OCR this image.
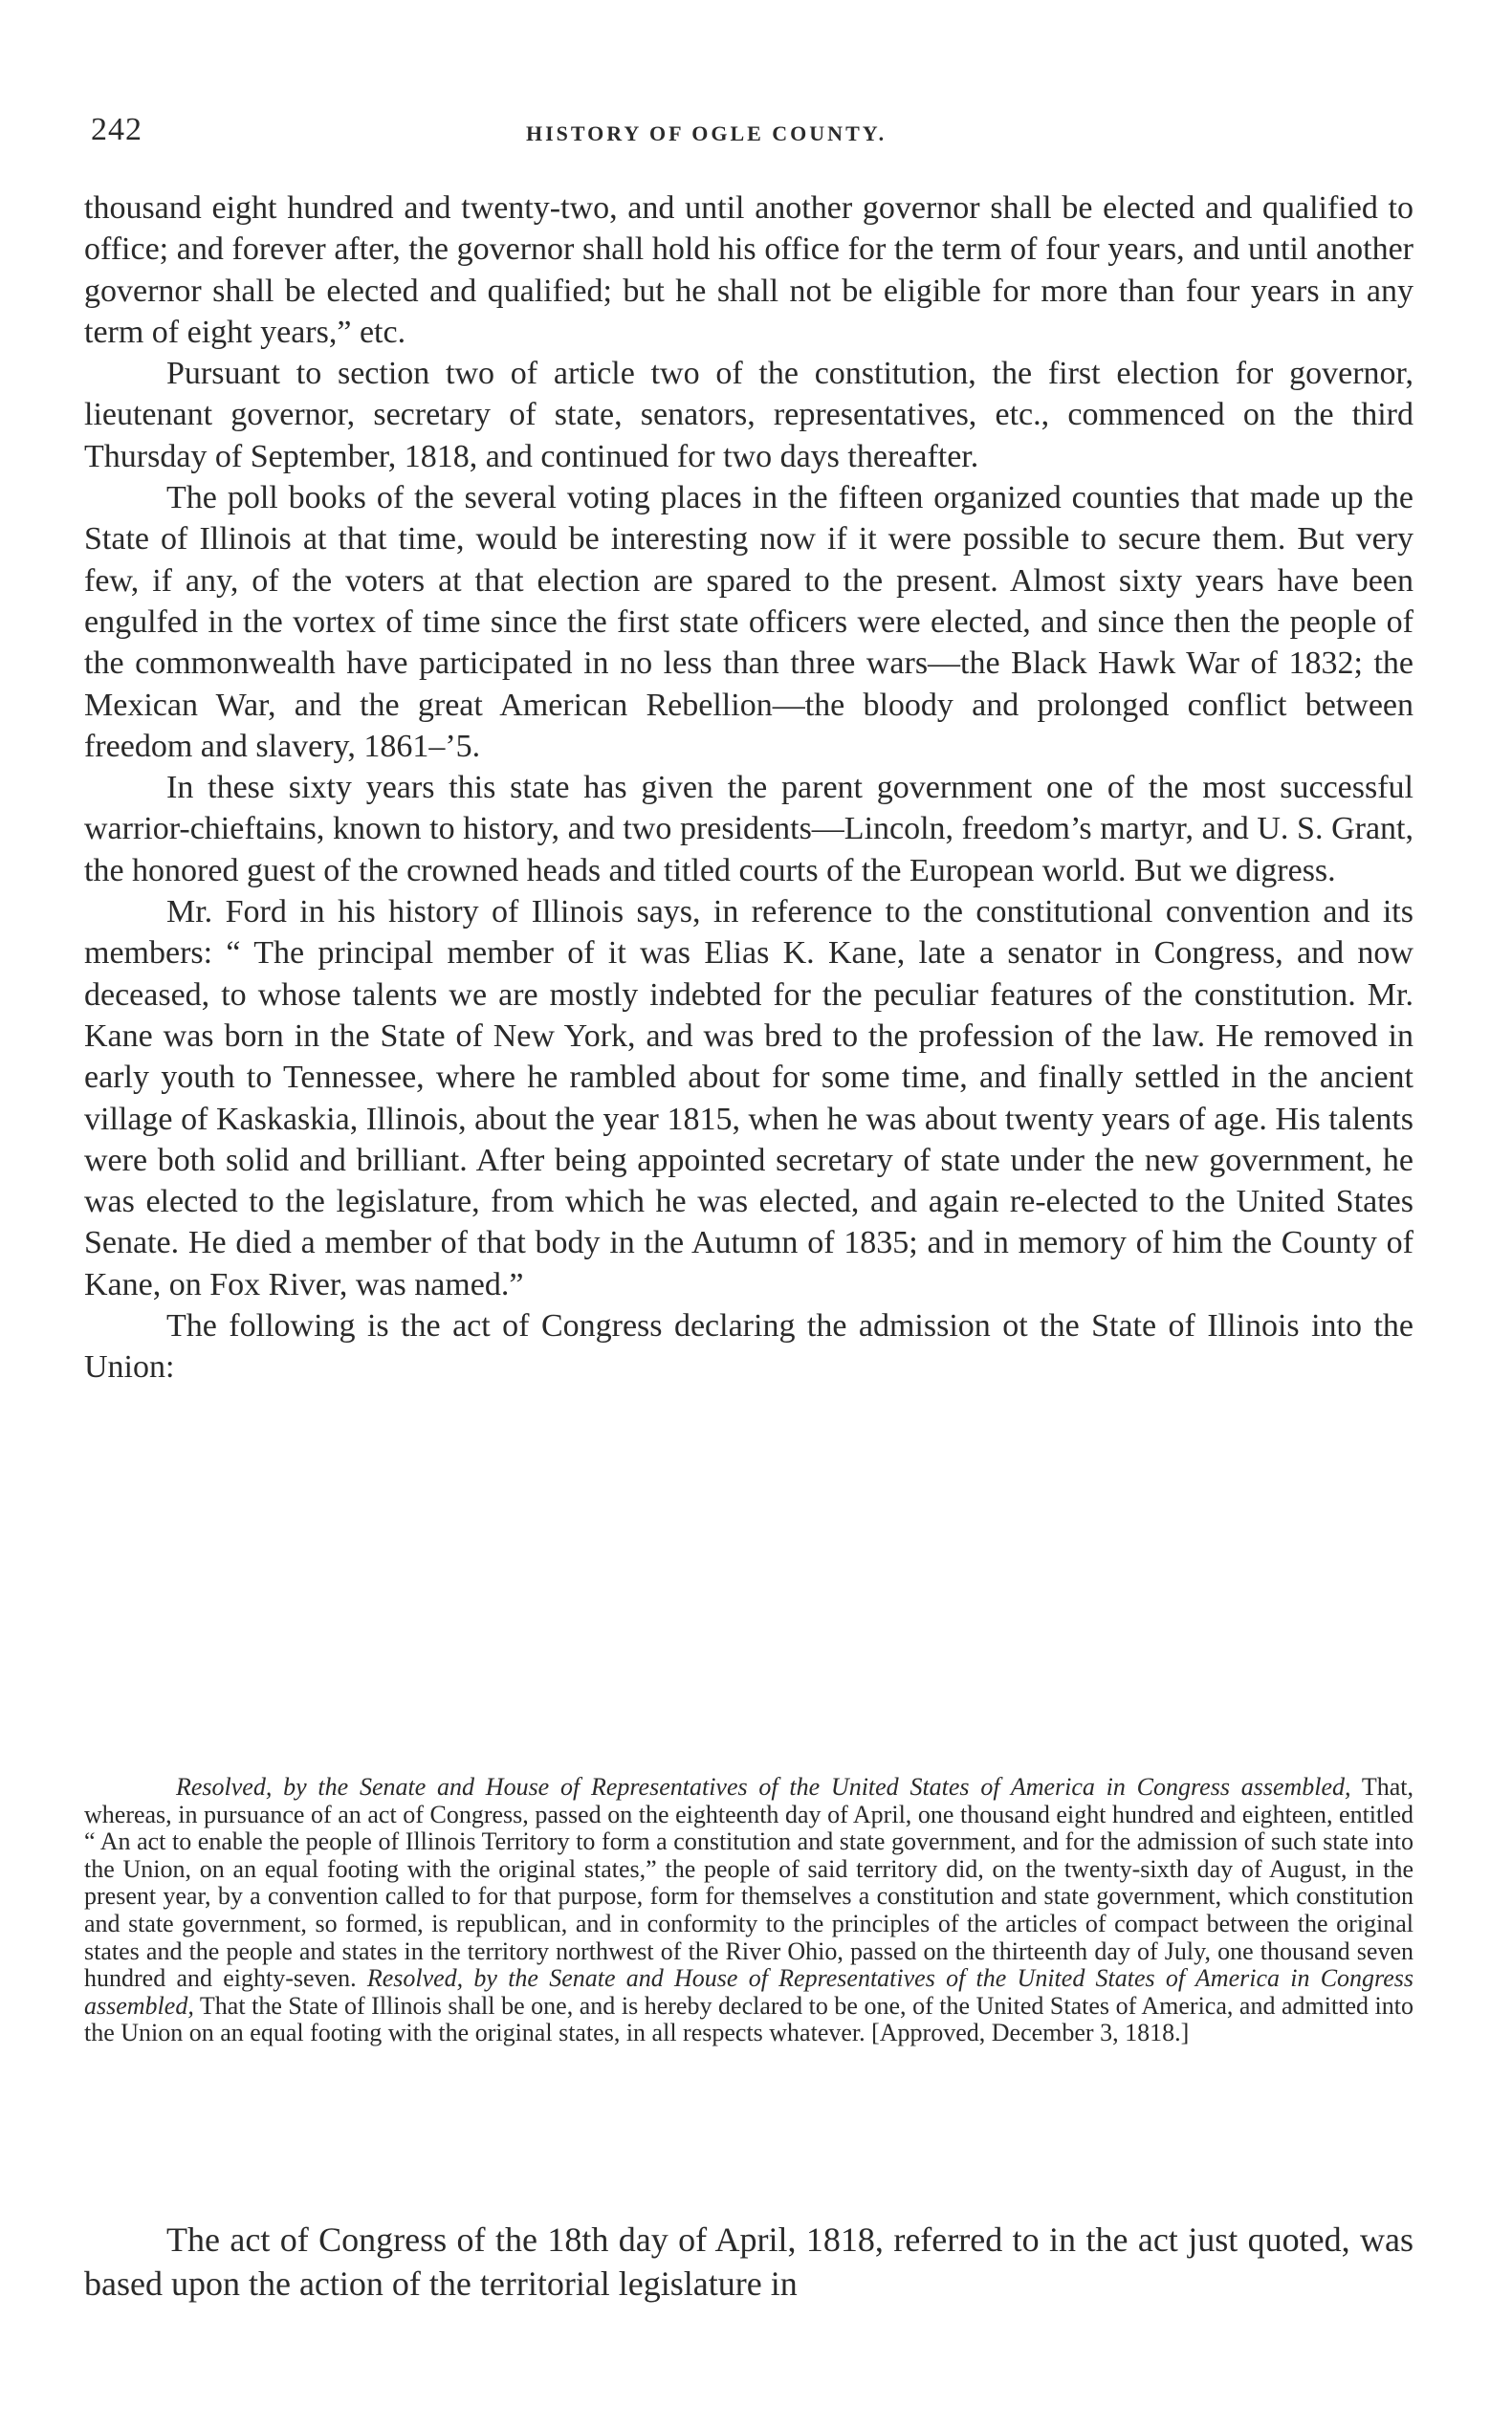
242	HISTORY OF OGLE COUNTY.

thousand eight hundred and twenty-two, and until another governor shall be elected and qualified to office; and forever after, the governor shall hold his office for the term of four years, and until another governor shall be elected and qualified; but he shall not be eligible for more than four years in any term of eight years,” etc.

Pursuant to section two of article two of the constitution, the first election for governor, lieutenant governor, secretary of state, senators, representatives, etc., commenced on the third Thursday of September, 1818, and continued for two days thereafter.

The poll books of the several voting places in the fifteen organized counties that made up the State of Illinois at that time, would be interesting now if it were possible to secure them. But very few, if any, of the voters at that election are spared to the present. Almost sixty years have been engulfed in the vortex of time since the first state officers were elected, and since then the people of the commonwealth have participated in no less than three wars—the Black Hawk War of 1832; the Mexican War, and the great American Rebellion—the bloody and prolonged conflict between freedom and slavery, 1861–’5.

In these sixty years this state has given the parent government one of the most successful warrior-chieftains, known to history, and two presidents—Lincoln, freedom’s martyr, and U. S. Grant, the honored guest of the crowned heads and titled courts of the European world. But we digress.

Mr. Ford in his history of Illinois says, in reference to the constitutional convention and its members: “ The principal member of it was Elias K. Kane, late a senator in Congress, and now deceased, to whose talents we are mostly indebted for the peculiar features of the constitution. Mr. Kane was born in the State of New York, and was bred to the profession of the law. He removed in early youth to Tennessee, where he rambled about for some time, and finally settled in the ancient village of Kaskaskia, Illinois, about the year 1815, when he was about twenty years of age. His talents were both solid and brilliant. After being appointed secretary of state under the new government, he was elected to the legislature, from which he was elected, and again re-elected to the United States Senate. He died a member of that body in the Autumn of 1835; and in memory of him the County of Kane, on Fox River, was named.”

The following is the act of Congress declaring the admission ot the State of Illinois into the Union:

Resolved, by the Senate and House of Representatives of the United States of America in Congress assembled, That, whereas, in pursuance of an act of Congress, passed on the eighteenth day of April, one thousand eight hundred and eighteen, entitled “ An act to enable the people of Illinois Territory to form a constitution and state government, and for the admission of such state into the Union, on an equal footing with the original states,” the people of said territory did, on the twenty-sixth day of August, in the present year, by a convention called to for that purpose, form for themselves a constitution and state government, which constitution and state government, so formed, is republican, and in conformity to the principles of the articles of compact between the original states and the people and states in the territory northwest of the River Ohio, passed on the thirteenth day of July, one thousand seven hundred and eighty-seven. Resolved, by the Senate and House of Representatives of the United States of America in Congress assembled, That the State of Illinois shall be one, and is hereby declared to be one, of the United States of America, and admitted into the Union on an equal footing with the original states, in all respects whatever. [Approved, December 3, 1818.]

The act of Congress of the 18th day of April, 1818, referred to in the act just quoted, was based upon the action of the territorial legislature in
